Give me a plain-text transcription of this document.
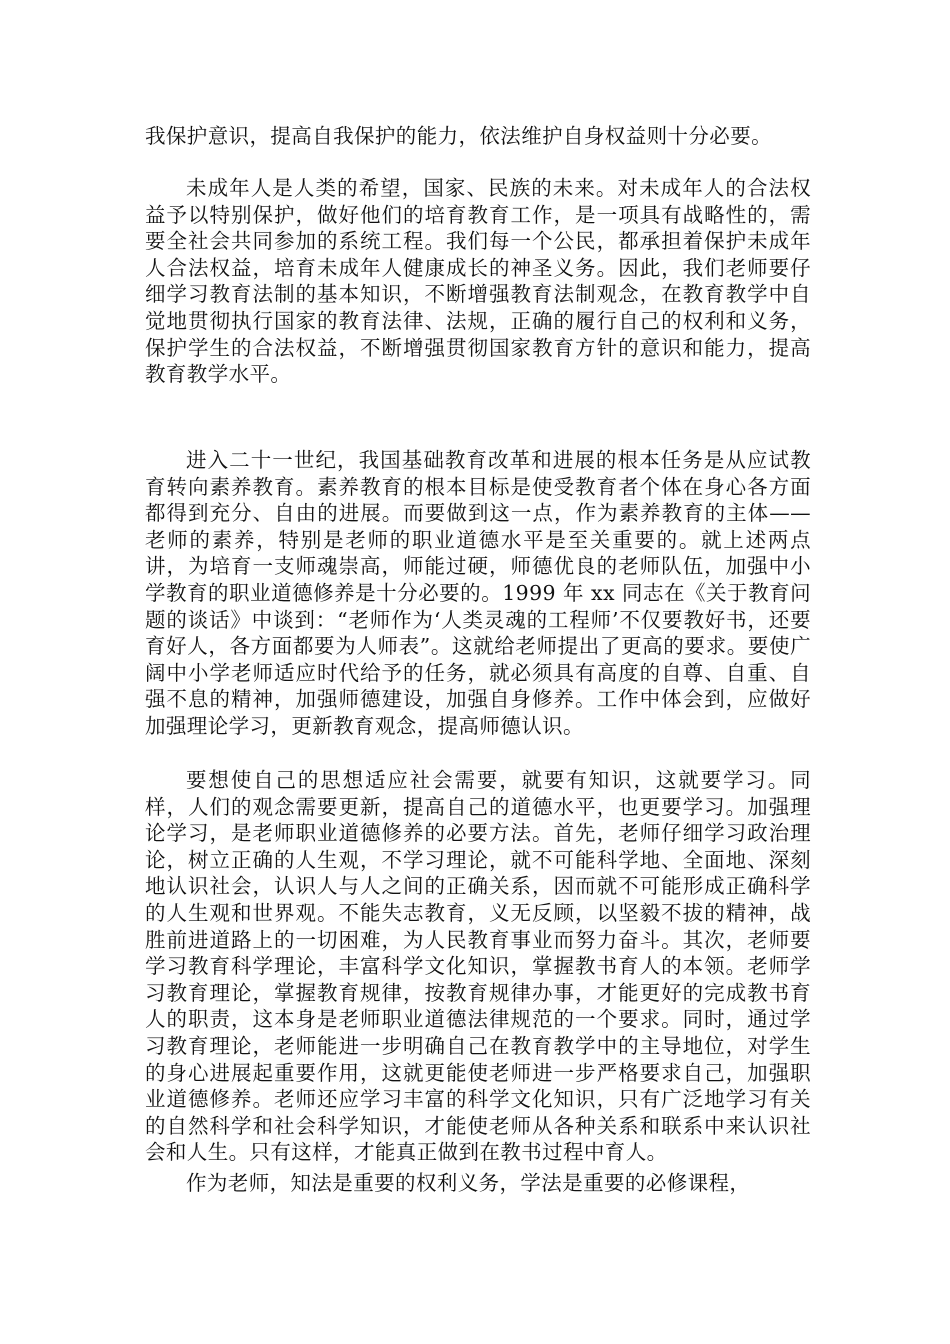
我保护意识，提高自我保护的能力，依法维护自身权益则十分必要。

未成年人是人类的希望，国家、民族的未来。对未成年人的合法权益予以特别保护，做好他们的培育教育工作，是一项具有战略性的，需要全社会共同参加的系统工程。我们每一个公民，都承担着保护未成年人合法权益，培育未成年人健康成长的神圣义务。因此，我们老师要仔细学习教育法制的基本知识，不断增强教育法制观念，在教育教学中自觉地贯彻执行国家的教育法律、法规，正确的履行自己的权利和义务，保护学生的合法权益，不断增强贯彻国家教育方针的意识和能力，提高教育教学水平。

进入二十一世纪，我国基础教育改革和进展的根本任务是从应试教育转向素养教育。素养教育的根本目标是使受教育者个体在身心各方面都得到充分、自由的进展。而要做到这一点，作为素养教育的主体——老师的素养，特别是老师的职业道德水平是至关重要的。就上述两点讲，为培育一支师魂崇高，师能过硬，师德优良的老师队伍，加强中小学教育的职业道德修养是十分必要的。1999 年 xx 同志在《关于教育问题的谈话》中谈到：“老师作为‘人类灵魂的工程师’不仅要教好书，还要育好人，各方面都要为人师表”。这就给老师提出了更高的要求。要使广阔中小学老师适应时代给予的任务，就必须具有高度的自尊、自重、自强不息的精神，加强师德建设，加强自身修养。工作中体会到，应做好加强理论学习，更新教育观念，提高师德认识。

要想使自己的思想适应社会需要，就要有知识，这就要学习。同样，人们的观念需要更新，提高自己的道德水平，也更要学习。加强理论学习，是老师职业道德修养的必要方法。首先，老师仔细学习政治理论，树立正确的人生观，不学习理论，就不可能科学地、全面地、深刻地认识社会，认识人与人之间的正确关系，因而就不可能形成正确科学的人生观和世界观。不能失志教育，义无反顾，以坚毅不拔的精神，战胜前进道路上的一切困难，为人民教育事业而努力奋斗。其次，老师要学习教育科学理论，丰富科学文化知识，掌握教书育人的本领。老师学习教育理论，掌握教育规律，按教育规律办事，才能更好的完成教书育人的职责，这本身是老师职业道德法律规范的一个要求。同时，通过学习教育理论，老师能进一步明确自己在教育教学中的主导地位，对学生的身心进展起重要作用，这就更能使老师进一步严格要求自己，加强职业道德修养。老师还应学习丰富的科学文化知识，只有广泛地学习有关的自然科学和社会科学知识，才能使老师从各种关系和联系中来认识社会和人生。只有这样，才能真正做到在教书过程中育人。

作为老师，知法是重要的权利义务，学法是重要的必修课程，
